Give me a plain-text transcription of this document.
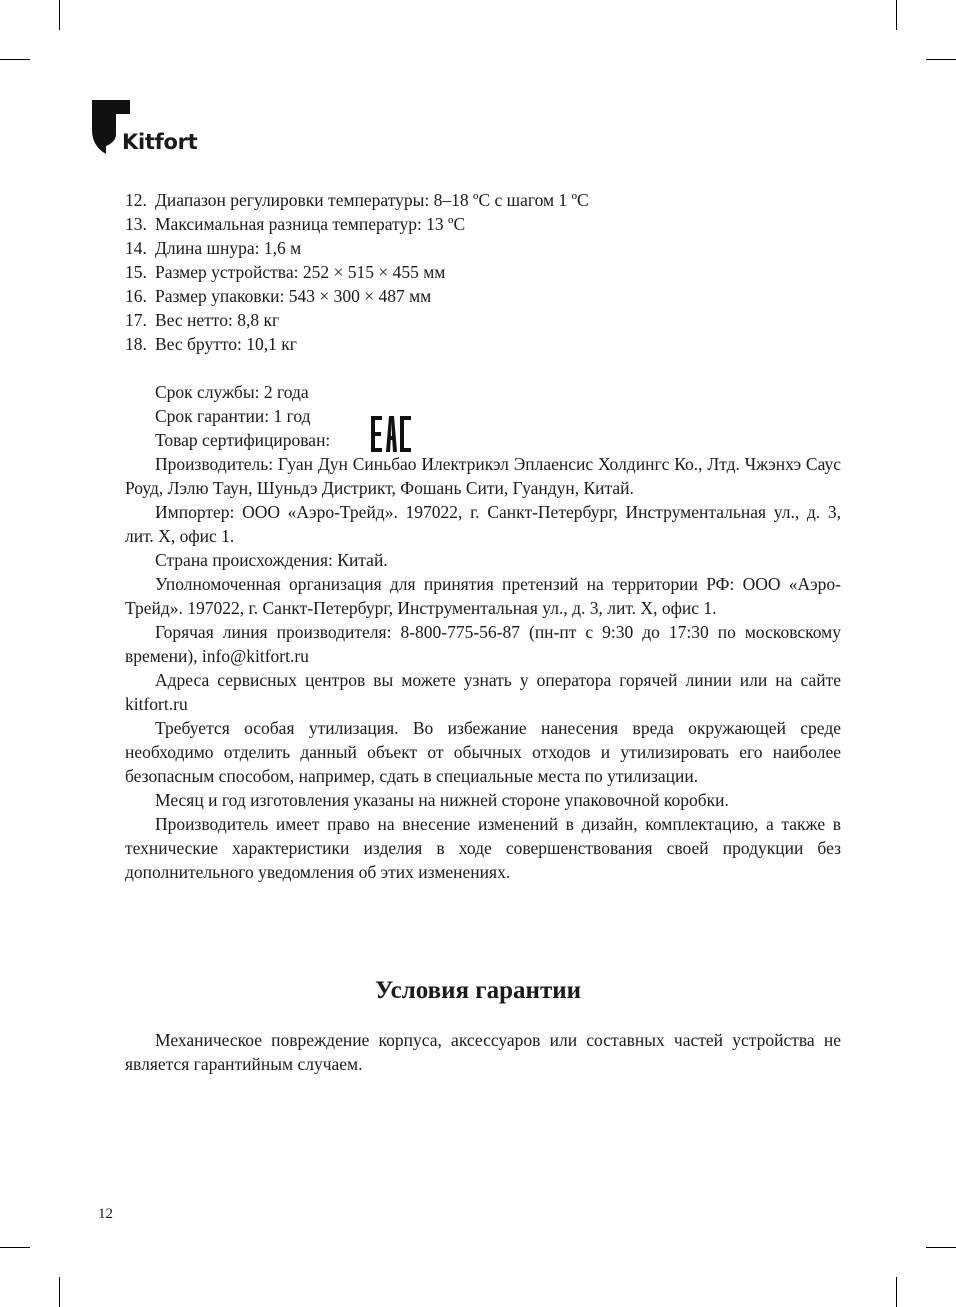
Kitfort
12. Диапазон регулировки температуры: 8–18 ºС с шагом 1 ºС
13. Максимальная разница температур: 13 ºС
14. Длина шнура: 1,6 м
15. Размер устройства: 252 × 515 × 455 мм
16. Размер упаковки: 543 × 300 × 487 мм
17. Вес нетто: 8,8 кг
18. Вес брутто: 10,1 кг
Срок службы: 2 года
Срок гарантии: 1 год
Товар сертифицирован:

Производитель: Гуан Дун Синьбао Илектрикэл Эплаенсис Холдингс Ко., Лтд. Чжэнхэ Саус Роуд, Лэлю Таун, Шуньдэ Дистрикт, Фошань Сити, Гуандун, Китай.

Импортер: ООО «Аэро-Трейд». 197022, г. Санкт-Петербург, Инструментальная ул., д. 3, лит. Х, офис 1.

Страна происхождения: Китай.

Уполномоченная организация для принятия претензий на территории РФ: ООО «Аэро-Трейд». 197022, г. Санкт-Петербург, Инструментальная ул., д. 3, лит. Х, офис 1.

Горячая линия производителя: 8-800-775-56-87 (пн-пт с 9:30 до 17:30 по московскому времени), info@kitfort.ru

Адреса сервисных центров вы можете узнать у оператора горячей линии или на сайте kitfort.ru

Требуется особая утилизация. Во избежание нанесения вреда окружающей среде необходимо отделить данный объект от обычных отходов и утилизировать его наиболее безопасным способом, например, сдать в специальные места по утилизации.

Месяц и год изготовления указаны на нижней стороне упаковочной коробки.

Производитель имеет право на внесение изменений в дизайн, комплектацию, а также в технические характеристики изделия в ходе совершенствования своей продукции без дополнительного уведомления об этих изменениях.

Условия гарантии

Механическое повреждение корпуса, аксессуаров или составных частей устройства не является гарантийным случаем.

12
